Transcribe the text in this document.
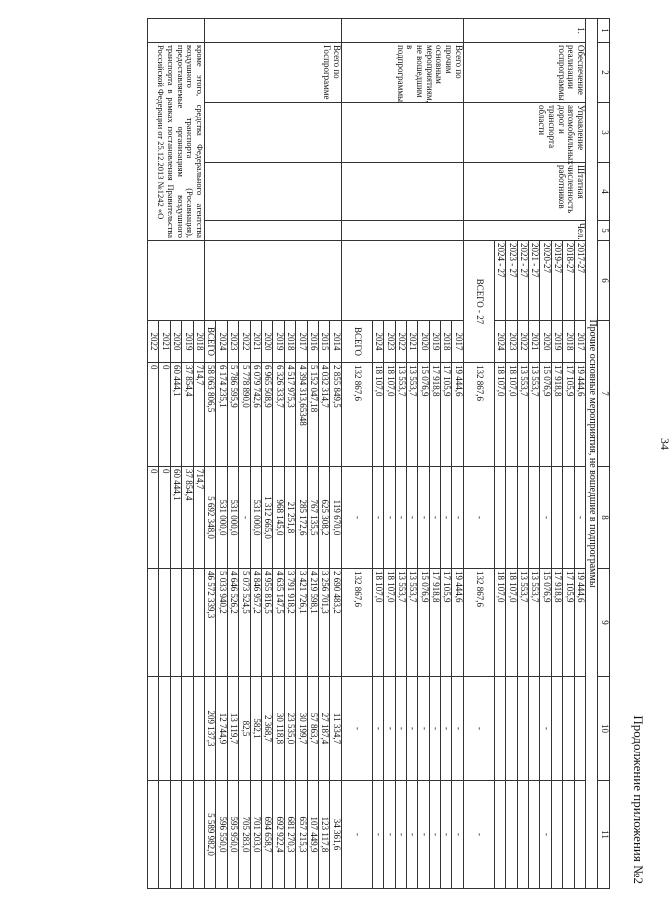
34
Продолжение приложения №2
1	2	3	4	5	6	7		8	9	10	11
Прочие основные мероприятия, не вошедшие в подпрограммы											
1.	Обеспечение реализации госпрограммы	Управление автомобильных дорог и транспорта области	Штатная численность работников	Чел.	2017-27	2017	19 444,6	-	19 444,6		
					2018-27	2018	17 105,9		17 105,9		
					2019-27	2019	17 918,8		17 918,8		
					2020-27	2020	15 076,9	-	15 076,9	-	-
					2021 - 27	2021	13 553,7		13 553,7		
					2022 - 27	2022	13 553,7		13 553,7		
					2023 - 27	2023	18 107,0		18 107,0		
					2024 - 27	2024	18 107,0		18 107,0		
					ВСЕГО - 27		132 867,6	-	132 867,6	-	-
	Всего по прочим основным мероприятиям, не вошедшим в подпрограммы					2017	19 444,6	-	19 444,6	-	-
						2018	17 105,9	-	17 105,9	-	-
						2019	17 918,8	-	17 918,8	-	-
						2020	15 076,9	-	15 076,9	-	-
						2021	13 553,7	-	13 553,7	-	-
						2022	13 553,7	-	13 553,7	-	-
						2023	18 107,0	-	18 107,0	-	-
						2024	18 107,0	-	18 107,0	-	-
						ВСЕГО	132 867,6	-	132 867,6	-	-
	Всего по Госпрограмме					2014	2 855 849,5	119 670,0	2 690 483,2	11 334,7	34 361,6
						2015	4 032 314,7	625 308,2	3 256 701,3	27 187,4	123 117,8
						2016	5 152 047,18	767 135,5	4 219 598,1	57 863,7	107 449,9
						2017	4 394 313,65348	285 172,6	3 421 726,1	30 199,7	657 215,3
						2018	4 517 975,3	21 251,8	3 791 918,2	23 535,0	681 270,3
						2019	6 326 333,7	968 145,0	4 635 147,5	30 118,8	692 922,4
						2020	6 965 508,9	1 312 665,0	4 955 816,5	2 368,7	694 658,7
						2021	6 079 742,6	531 000,0	4 846 957,2	582,1	701 203,0
						2022	5 778 890,0	-	5 073 524,5	82,5	705 283,0
						2023	5 786 595,9	531 000,0	4 646 526,2	13 119,7	595 950,0
						2024	6 174 235,1	531 000,0	5 033 940,2	12 744,9	596 550,0
						ВСЕГО	58 063 806,5	5 692 348,0	46 572 339,3	209 137,3	5 589 982,0
	кроме этого, средства Федерального агентства воздушного транспорта (Росавиация), предоставляемые организациям воздушного транспорта в рамках постановления Правительства Российской Федерации от 25.12.2013 №1242 «О					2018	714,7	714,7			
						2019	37 854,4	37 854,4			
						2020	60 444,1	60 444,1			
						2021	0	0			
						2022	0	0			
